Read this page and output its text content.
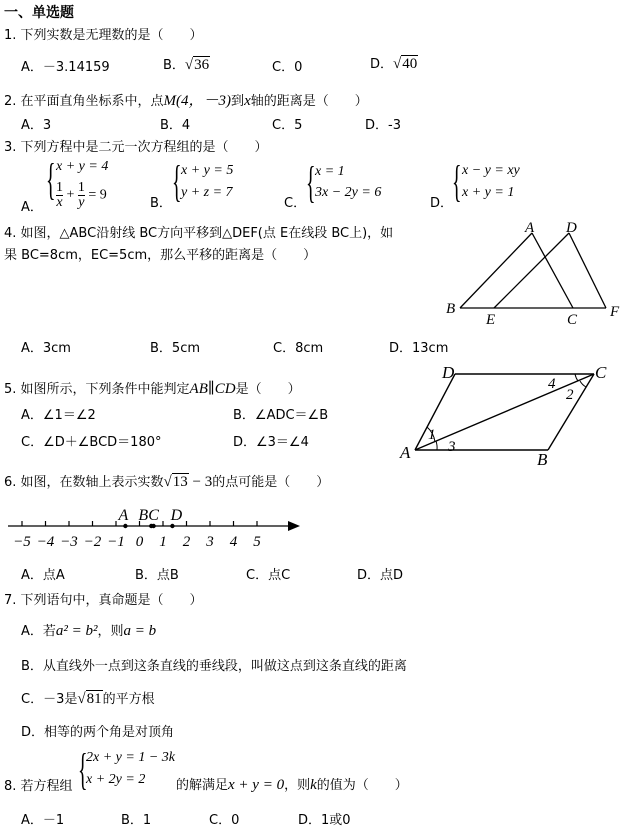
一、单选题
1. 下列实数是无理数的是（　　）
A．－3.14159	B．√36	C．0	D．√40
2. 在平面直角坐标系中，点M(4，－3)到x轴的距离是（　　）
A．3	B．4	C．5	D．-3
3. 下列方程中是二元一次方程组的是（　　）
A．
{ x + y = 4
$\frac{1}{x} + \frac{1}{y} = 9$
B． { x + y = 5
y + z = 7
C． { x = 1
3x − 2y = 6
D．
{ x − y = xy
x + y = 1
4. 如图，△ABC沿射线 BC方向平移到△DEF(点 E在线段 BC上)，如
果 BC=8cm，EC=5cm，那么平移的距离是（　　）
A D
B
E	C F
A．3cm	B．5cm	C．8cm	D．13cm
5. 如图所示，下列条件中能判定AB∥CD是（　　）
A．∠1＝∠2	B．∠ADC＝∠B
C．∠D＋∠BCD＝180°	D．∠3＝∠4
D	C
A	B
1
3
4
2
6. 如图，在数轴上表示实数√13 − 3的点可能是（　　）
−5 −4 −3 −2 −1 0 1 2 3 4 5
A B C D
A．点A	B．点B	C．点C	D．点D
7. 下列语句中，真命题是（　　）
A．若a² = b²，则a = b
B．从直线外一点到这条直线的垂线段，叫做这点到这条直线的距离
C．－3是√81的平方根
D．相等的两个角是对顶角
8. 若方程组 {
2x + y = 1 − 3k
x + 2y = 2 的解满足x + y = 0，则k的值为（　　）
A．－1	B．1	C．0	D．1或0
